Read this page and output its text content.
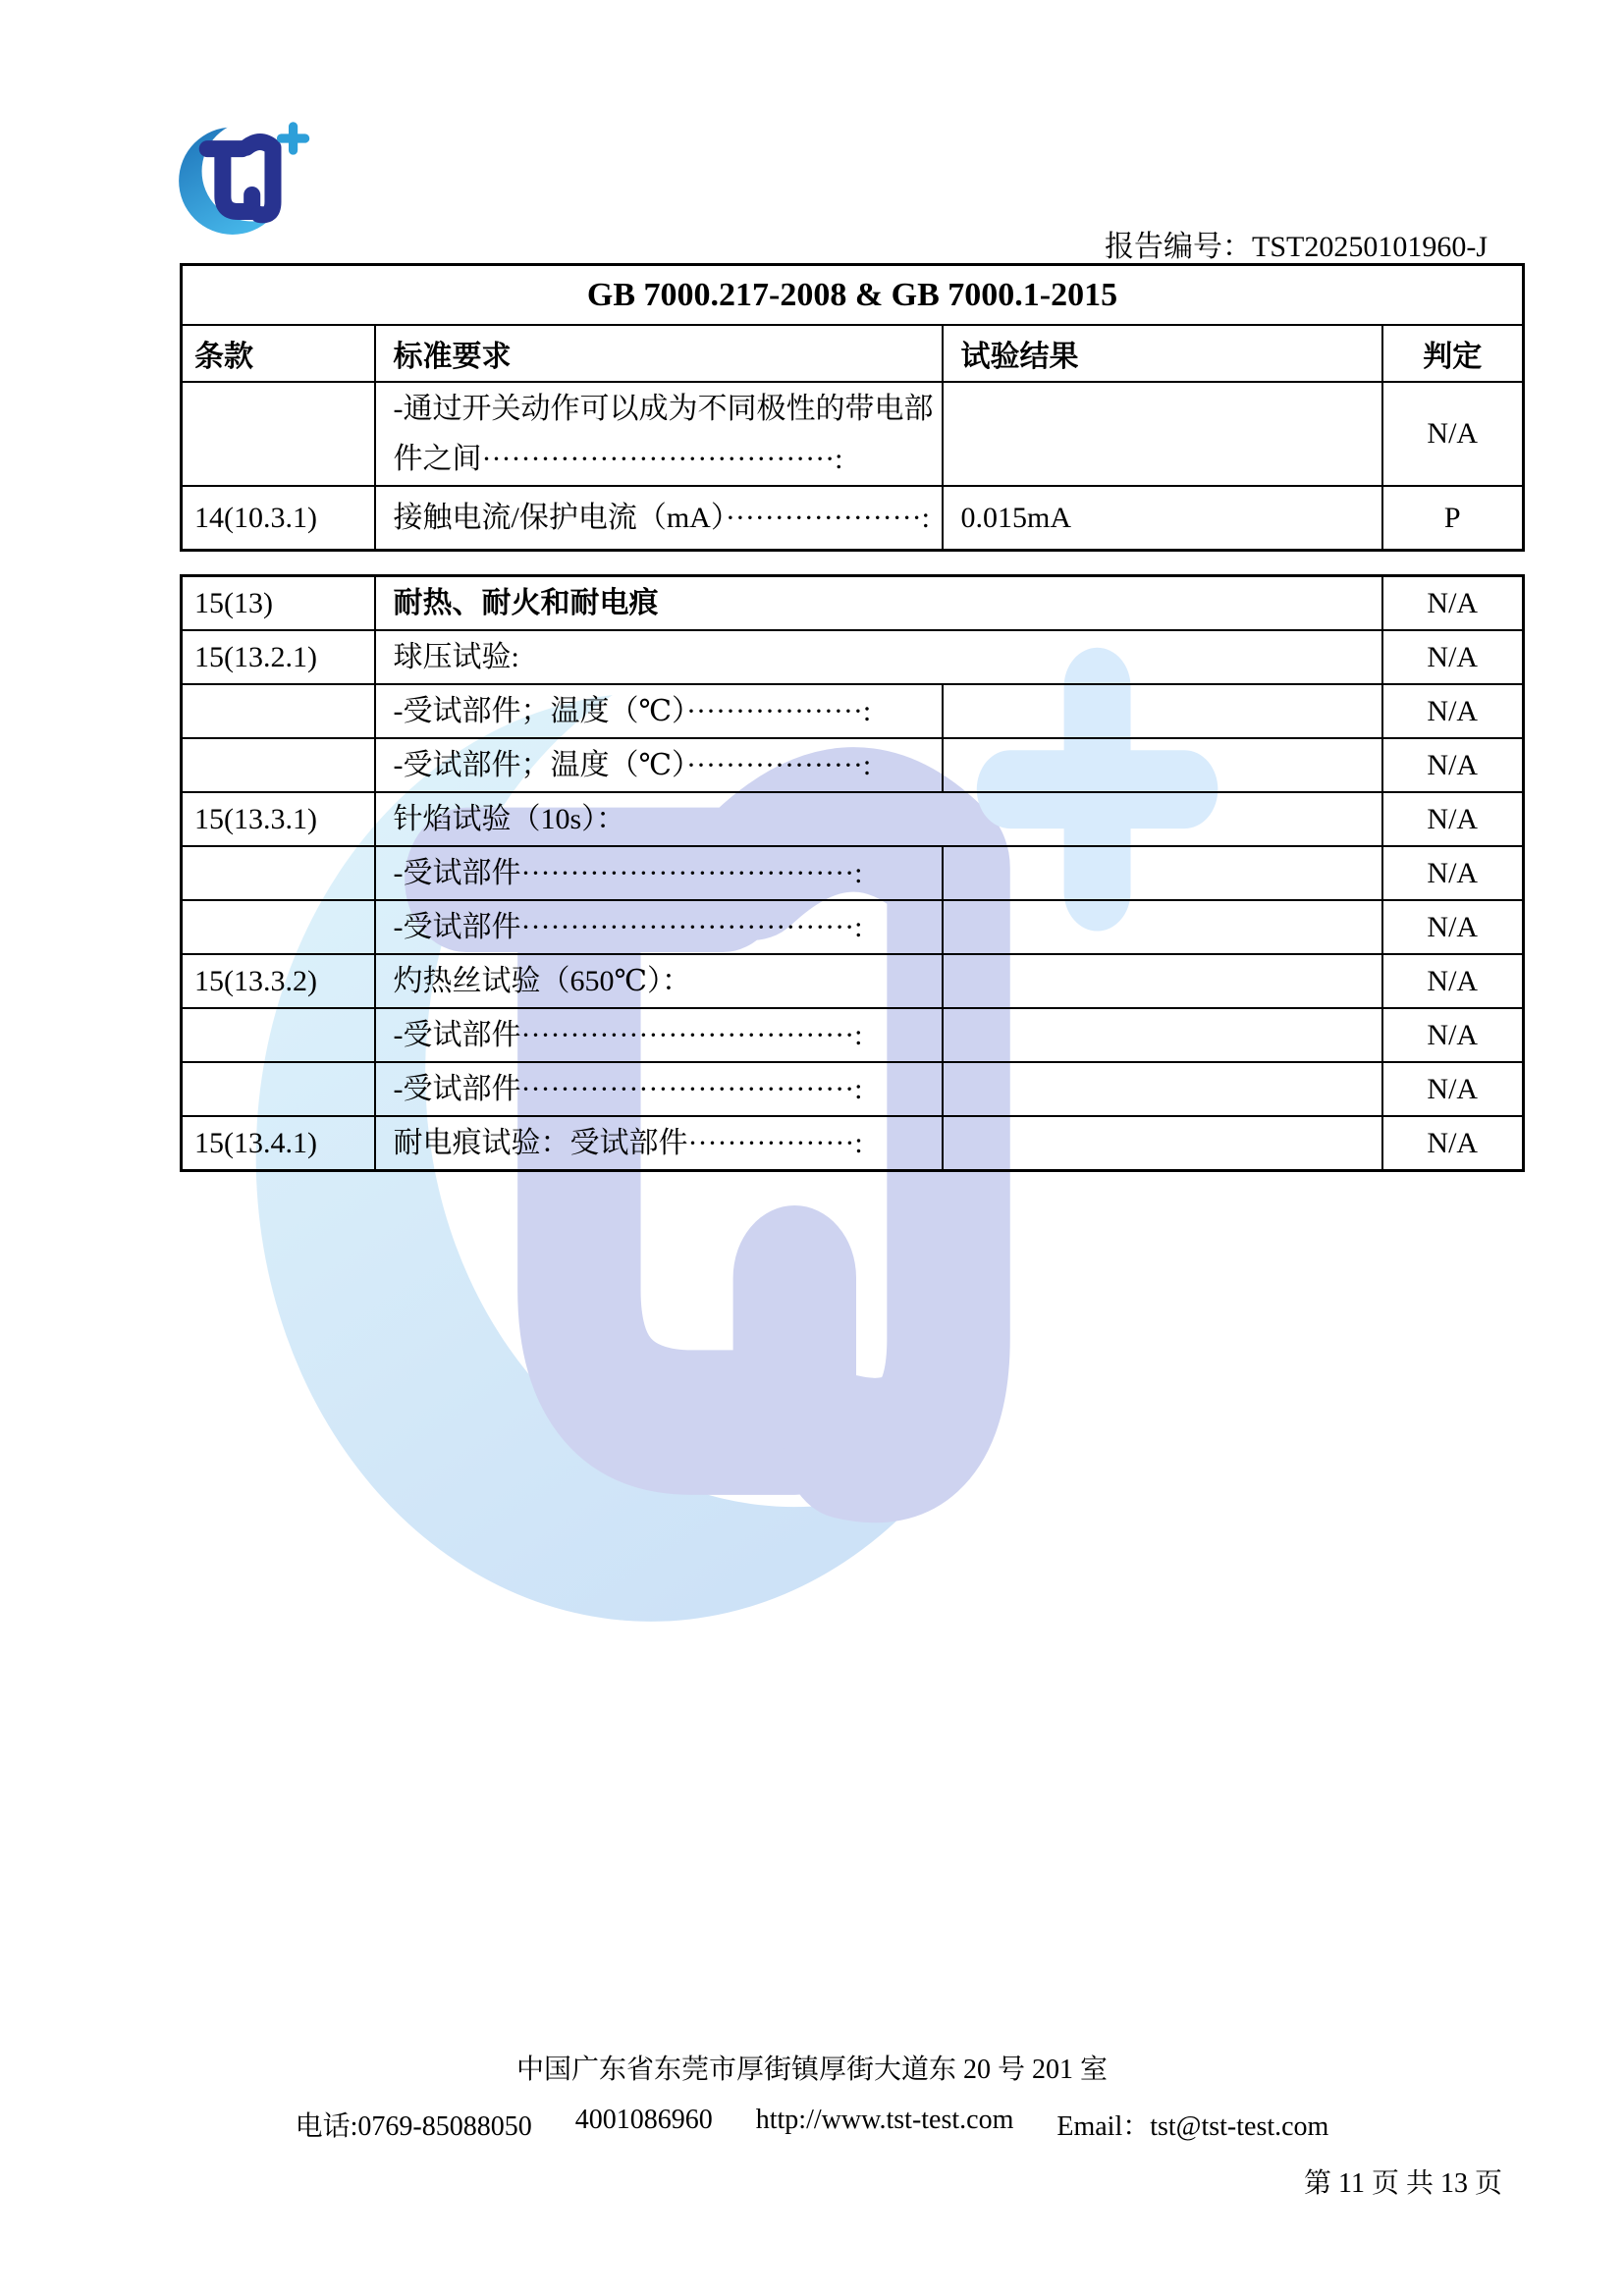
报告编号：TST20250101960-J
GB 7000.217-2008 & GB 7000.1-2015			
条款	标准要求	试验结果	判定
	-通过开关动作可以成为不同极性的带电部件之间····································:		N/A
14(10.3.1)	接触电流/保护电流（mA）····················:	0.015mA	P
15(13)	耐热、耐火和耐电痕		N/A
15(13.2.1)	球压试验:		N/A
	-受试部件；温度（℃）··················:		N/A
	-受试部件；温度（℃）··················:		N/A
15(13.3.1)	针焰试验（10s）：		N/A
	-受试部件··································:		N/A
	-受试部件··································:		N/A
15(13.3.2)	灼热丝试验（650℃）：		N/A
	-受试部件··································:		N/A
	-受试部件··································:		N/A
15(13.4.1)	耐电痕试验：受试部件·················:		N/A
中国广东省东莞市厚街镇厚街大道东 20 号 201 室
电话:0769-85088050 4001086960 http://www.tst-test.com Email：tst@tst-test.com
第 11 页 共 13 页
